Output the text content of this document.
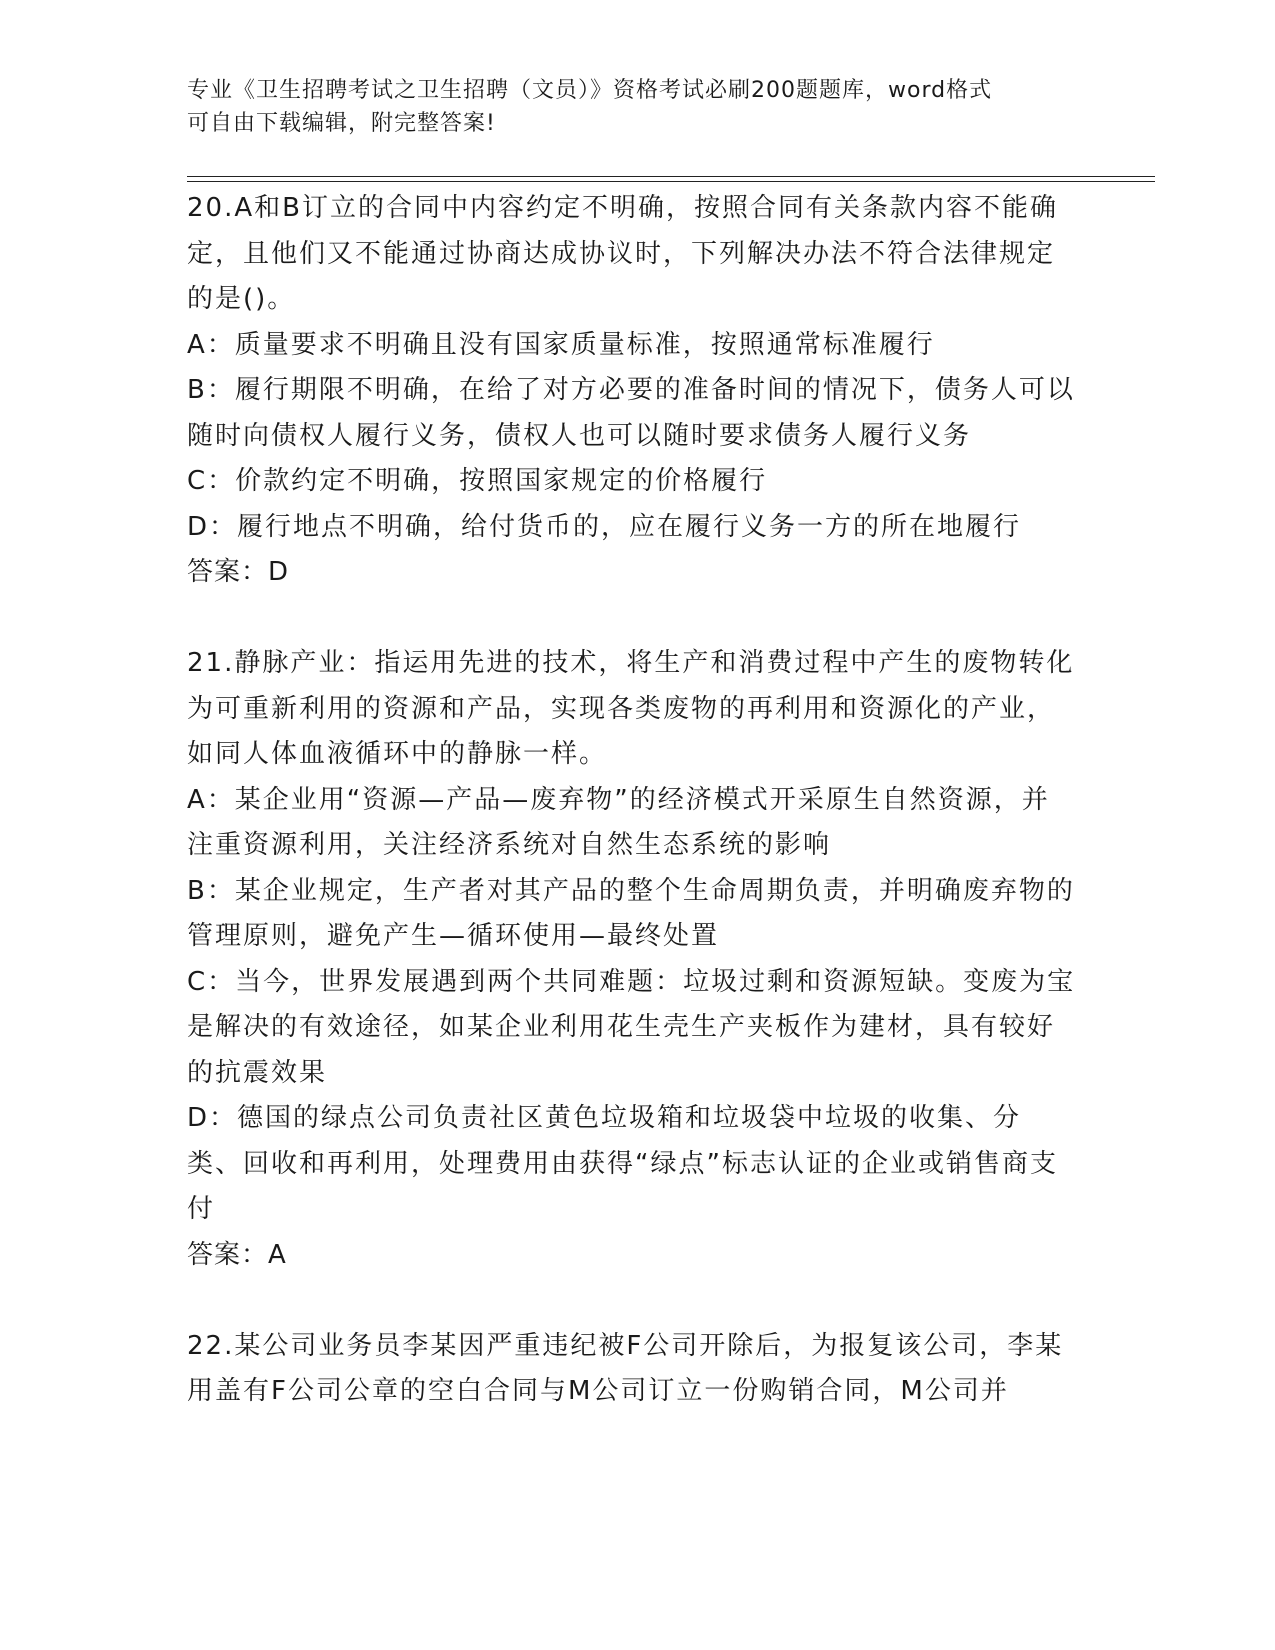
专业《卫生招聘考试之卫生招聘（文员）》资格考试必刷200题题库，word格式
可自由下载编辑，附完整答案!
20.A和B订立的合同中内容约定不明确，按照合同有关条款内容不能确定，且他们又不能通过协商达成协议时，下列解决办法不符合法律规定的是()。
A：质量要求不明确且没有国家质量标准，按照通常标准履行
B：履行期限不明确，在给了对方必要的准备时间的情况下，债务人可以随时向债权人履行义务，债权人也可以随时要求债务人履行义务
C：价款约定不明确，按照国家规定的价格履行
D：履行地点不明确，给付货币的，应在履行义务一方的所在地履行
答案：D
21.静脉产业：指运用先进的技术，将生产和消费过程中产生的废物转化为可重新利用的资源和产品，实现各类废物的再利用和资源化的产业，如同人体血液循环中的静脉一样。
A：某企业用“资源—产品—废弃物”的经济模式开采原生自然资源，并注重资源利用，关注经济系统对自然生态系统的影响
B：某企业规定，生产者对其产品的整个生命周期负责，并明确废弃物的管理原则，避免产生—循环使用—最终处置
C：当今，世界发展遇到两个共同难题：垃圾过剩和资源短缺。变废为宝是解决的有效途径，如某企业利用花生壳生产夹板作为建材，具有较好的抗震效果
D：德国的绿点公司负责社区黄色垃圾箱和垃圾袋中垃圾的收集、分类、回收和再利用，处理费用由获得“绿点”标志认证的企业或销售商支付
答案：A
22.某公司业务员李某因严重违纪被F公司开除后，为报复该公司，李某用盖有F公司公章的空白合同与M公司订立一份购销合同，M公司并
